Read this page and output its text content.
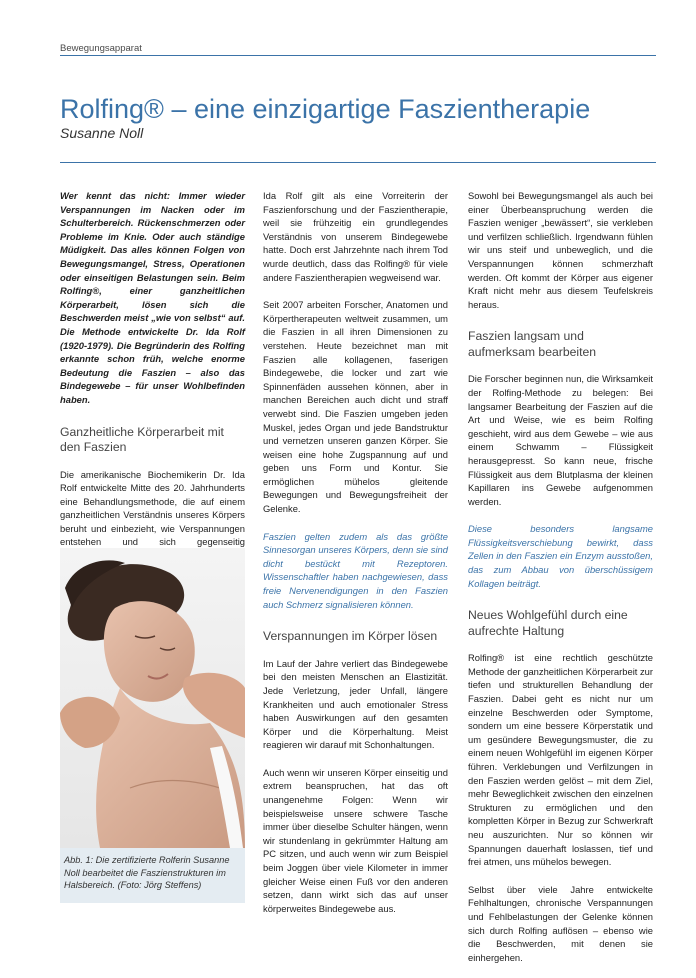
Bewegungsapparat
Rolfing® – eine einzigartige Faszientherapie
Susanne Noll

Wer kennt das nicht: Immer wieder Verspannungen im Nacken oder im Schulterbereich. Rückenschmerzen oder Probleme im Knie. Oder auch ständige Müdigkeit. Das alles können Folgen von Bewegungsmangel, Stress, Operationen oder einseitigen Belastungen sein. Beim Rolfing®, einer ganzheitlichen Körperarbeit, lösen sich die Beschwerden meist „wie von selbst“ auf. Die Methode entwickelte Dr. Ida Rolf (1920-1979). Die Begründerin des Rolfing erkannte schon früh, welche enorme Bedeutung die Faszien – also das Bindegewebe – für unser Wohlbefinden haben.

Ganzheitliche Körperarbeit mit den Faszien

Die amerikanische Biochemikerin Dr. Ida Rolf entwickelte Mitte des 20. Jahrhunderts eine Behandlungsmethode, die auf einem ganzheitlichen Verständnis unseres Körpers beruht und einbezieht, wie Verspannungen entstehen und sich gegenseitig

Abb. 1: Die zertifizierte Rolferin Susanne Noll bearbeitet die Faszienstrukturen im Halsbereich. (Foto: Jörg Steffens)

Ida Rolf gilt als eine Vorreiterin der Faszienforschung und der Faszientherapie, weil sie frühzeitig ein grundlegendes Verständnis von unserem Bindegewebe hatte. Doch erst Jahrzehnte nach ihrem Tod wurde deutlich, dass das Rolfing® für viele andere Faszientherapien wegweisend war.

Seit 2007 arbeiten Forscher, Anatomen und Körpertherapeuten weltweit zusammen, um die Faszien in all ihren Dimensionen zu verstehen. Heute bezeichnet man mit Faszien alle kollagenen, faserigen Bindegewebe, die locker und zart wie Spinnenfäden aussehen können, aber in manchen Bereichen auch dicht und straff verwebt sind. Die Faszien umgeben jeden Muskel, jedes Organ und jede Bandstruktur und vernetzen unseren ganzen Körper. Sie weisen eine hohe Zugspannung auf und geben uns Form und Kontur. Sie ermöglichen mühelos gleitende Bewegungen und Bewegungsfreiheit der Gelenke.

Faszien gelten zudem als das größte Sinnesorgan unseres Körpers, denn sie sind dicht bestückt mit Rezeptoren. Wissenschaftler haben nachgewiesen, dass freie Nervenendigungen in den Faszien auch Schmerz signalisieren können.

Verspannungen im Körper lösen

Im Lauf der Jahre verliert das Bindegewebe bei den meisten Menschen an Elastizität. Jede Verletzung, jeder Unfall, längere Krankheiten und auch emotionaler Stress haben Auswirkungen auf den gesamten Körper und die Körperhaltung. Meist reagieren wir darauf mit Schonhaltungen.

Auch wenn wir unseren Körper einseitig und extrem beanspruchen, hat das oft unangenehme Folgen: Wenn wir beispielsweise unsere schwere Tasche immer über dieselbe Schulter hängen, wenn wir stundenlang in gekrümmter Haltung am PC sitzen, und auch wenn wir zum Beispiel beim Joggen über viele Kilometer in immer gleicher Weise einen Fuß vor den anderen setzen, dann wirkt sich das auf unser körperweites Bindegewebe aus.

Sowohl bei Bewegungsmangel als auch bei einer Überbeanspruchung werden die Faszien weniger „bewässert“, sie verkleben und verfilzen schließlich. Irgendwann fühlen wir uns steif und unbeweglich, und die Verspannungen können schmerzhaft werden. Oft kommt der Körper aus eigener Kraft nicht mehr aus diesem Teufelskreis heraus.

Faszien langsam und aufmerksam bearbeiten

Die Forscher beginnen nun, die Wirksamkeit der Rolfing-Methode zu belegen: Bei langsamer Bearbeitung der Faszien auf die Art und Weise, wie es beim Rolfing geschieht, wird aus dem Gewebe – wie aus einem Schwamm – Flüssigkeit herausgepresst. So kann neue, frische Flüssigkeit aus dem Blutplasma der kleinen Kapillaren ins Gewebe aufgenommen werden.

Diese besonders langsame Flüssigkeitsverschiebung bewirkt, dass Zellen in den Faszien ein Enzym ausstoßen, das zum Abbau von überschüssigem Kollagen beiträgt.

Neues Wohlgefühl durch eine aufrechte Haltung

Rolfing® ist eine rechtlich geschützte Methode der ganzheitlichen Körperarbeit zur tiefen und strukturellen Behandlung der Faszien. Dabei geht es nicht nur um einzelne Beschwerden oder Symptome, sondern um eine bessere Körperstatik und um gesündere Bewegungsmuster, die zu einem neuen Wohlgefühl im eigenen Körper führen. Verklebungen und Verfilzungen in den Faszien werden gelöst – mit dem Ziel, mehr Beweglichkeit zwischen den einzelnen Strukturen zu ermöglichen und den kompletten Körper in Bezug zur Schwerkraft neu auszurichten. Nur so können wir Spannungen dauerhaft loslassen, tief und frei atmen, uns mühelos bewegen.

Selbst über viele Jahre entwickelte Fehlhaltungen, chronische Verspannungen und Fehlbelastungen der Gelenke können sich durch Rolfing auflösen – ebenso wie die Beschwerden, mit denen sie einhergehen.
